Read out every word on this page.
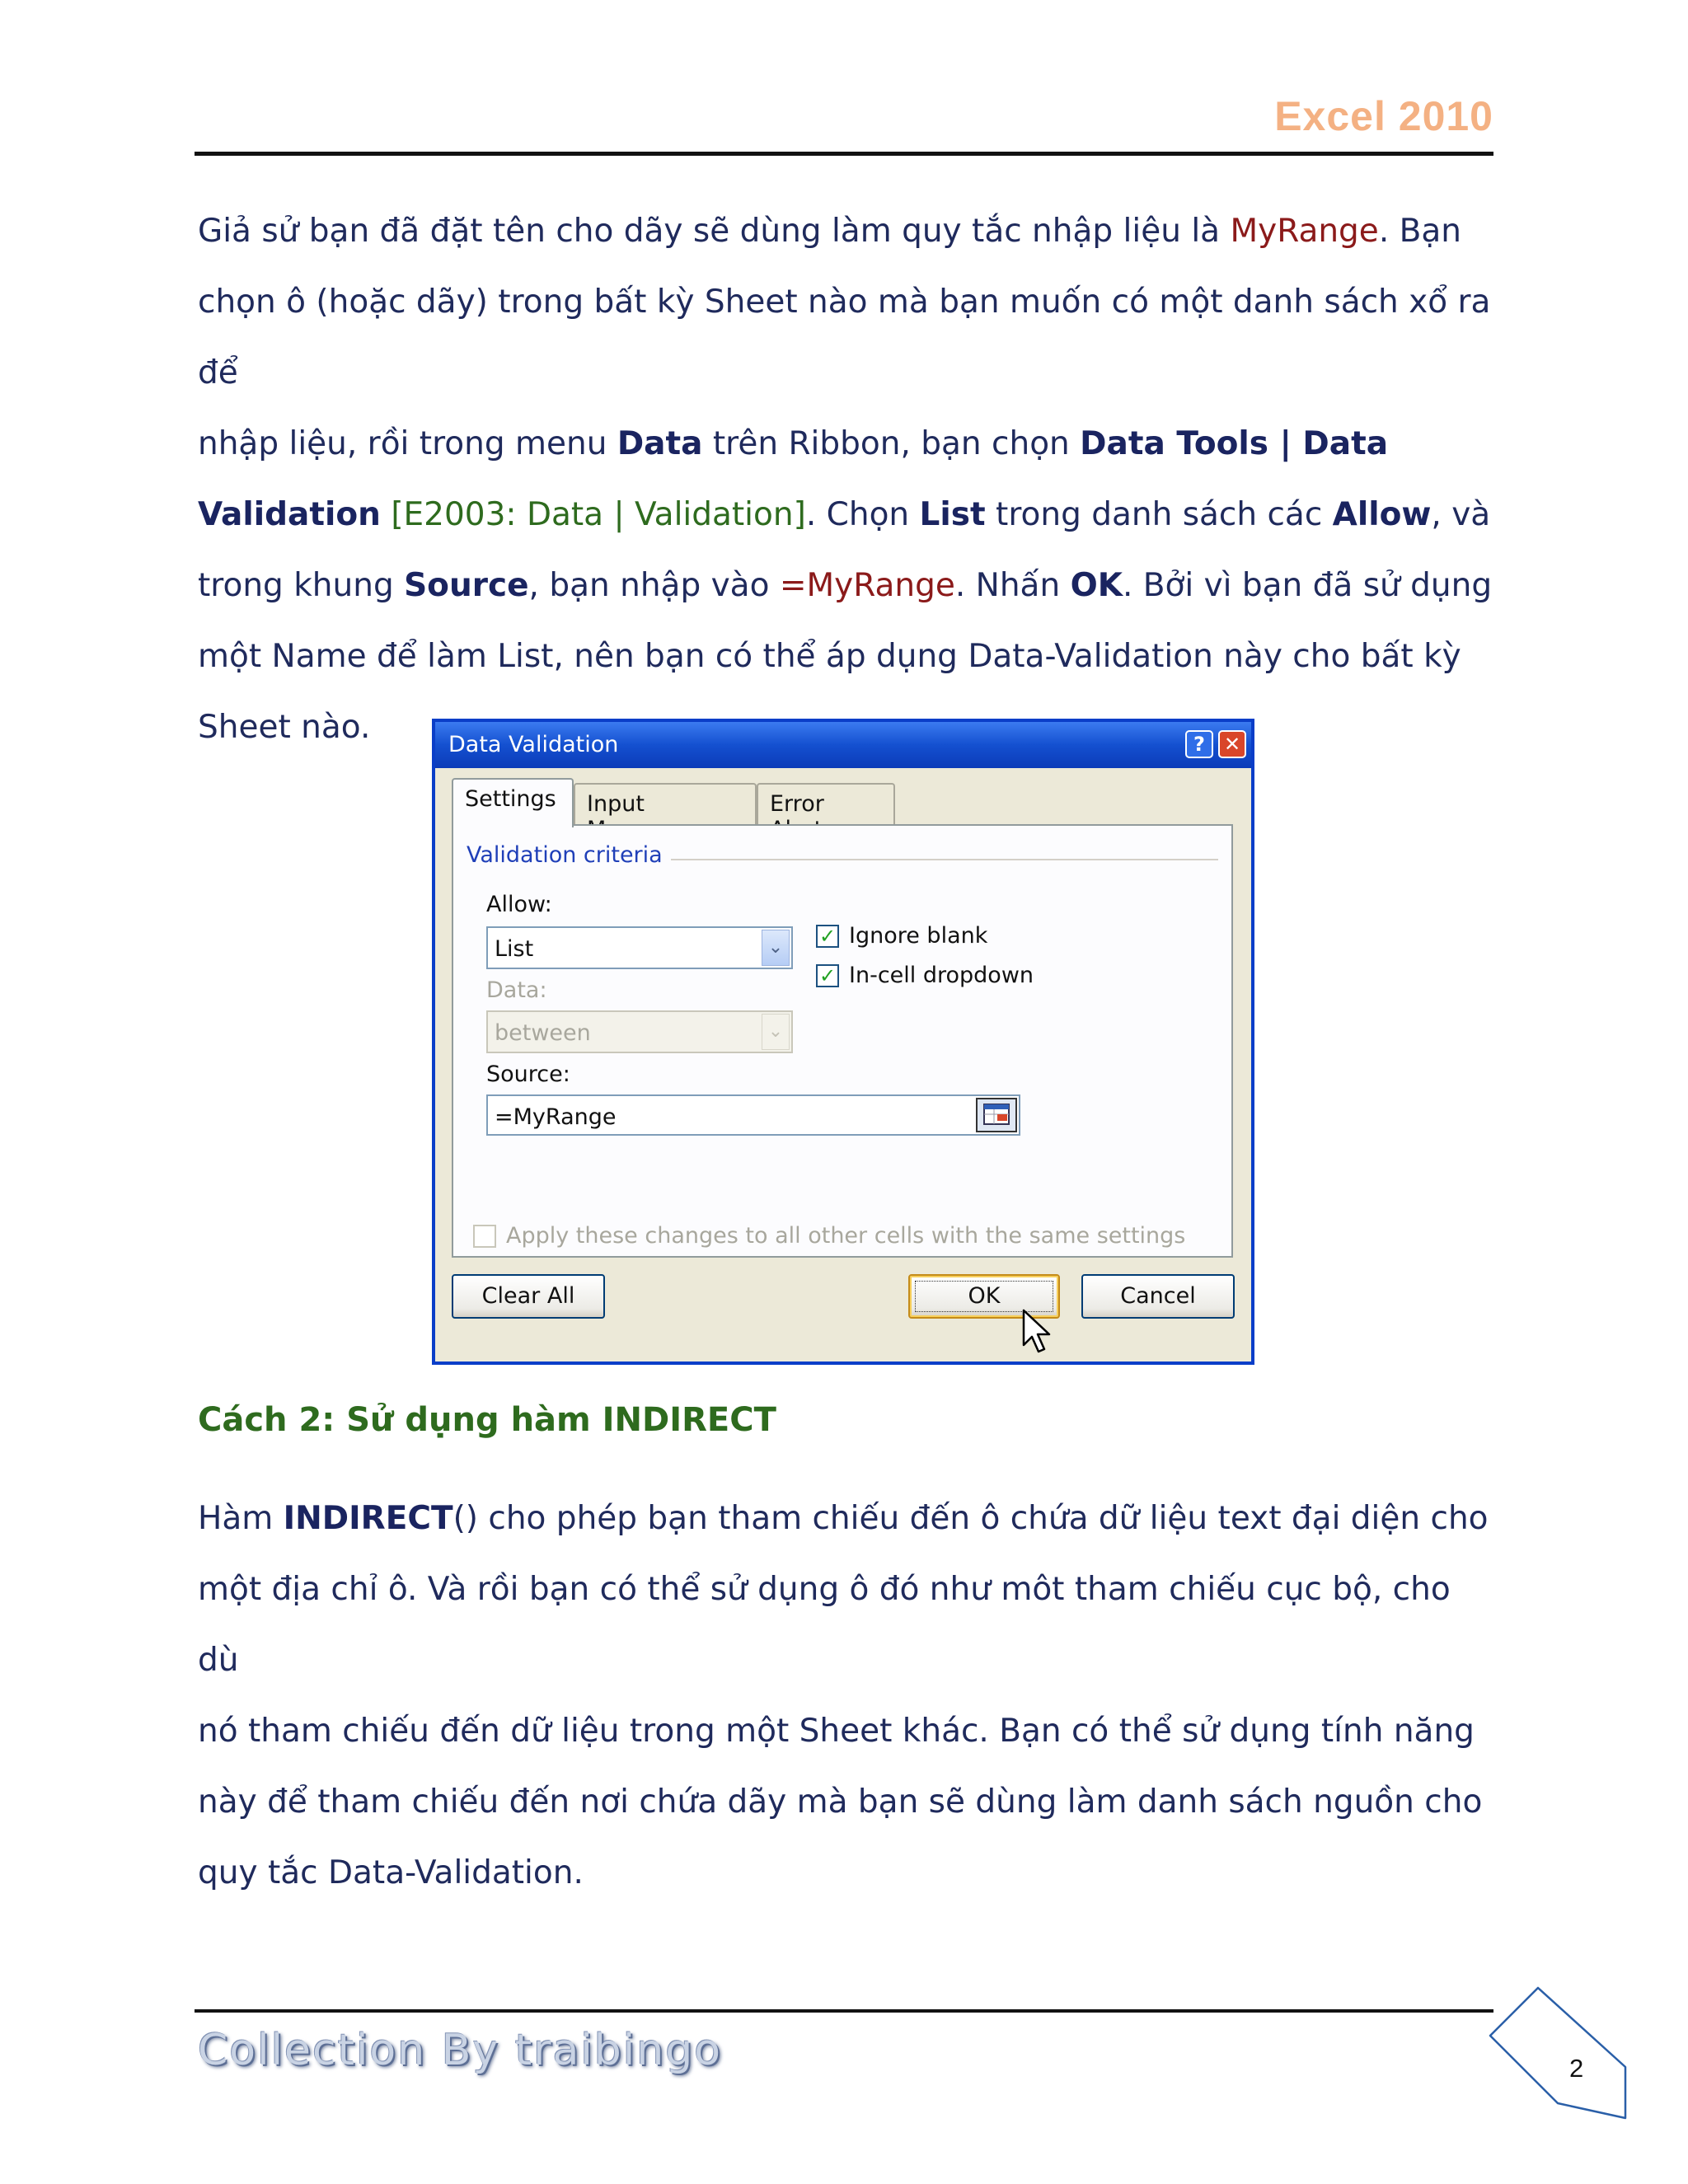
Excel 2010
Giả sử bạn đã đặt tên cho dãy sẽ dùng làm quy tắc nhập liệu là MyRange. Bạn
chọn ô (hoặc dãy) trong bất kỳ Sheet nào mà bạn muốn có một danh sách xổ ra để
nhập liệu, rồi trong menu Data trên Ribbon, bạn chọn Data Tools | Data
Validation [E2003: Data | Validation]. Chọn List trong danh sách các Allow, và
trong khung Source, bạn nhập vào =MyRange. Nhấn OK. Bởi vì bạn đã sử dụng
một Name để làm List, nên bạn có thể áp dụng Data-Validation này cho bất kỳ
Sheet nào.	Data Validation	? ✕
Settings	Input	Error
Validation criteria
Allow:
List	⌄
Data:
between	⌄
✓ Ignore blank
✓ In-cell dropdown
Source:
=MyRange
Apply these changes to all other cells with the same settings
Clear All	OK	Cancel
Cách 2: Sử dụng hàm INDIRECT
Hàm INDIRECT() cho phép bạn tham chiếu đến ô chứa dữ liệu text đại diện cho
một địa chỉ ô. Và rồi bạn có thể sử dụng ô đó như môt tham chiếu cục bộ, cho dù
nó tham chiếu đến dữ liệu trong một Sheet khác. Bạn có thể sử dụng tính năng
này để tham chiếu đến nơi chứa dãy mà bạn sẽ dùng làm danh sách nguồn cho
quy tắc Data-Validation.
Collection By traibingo	2
